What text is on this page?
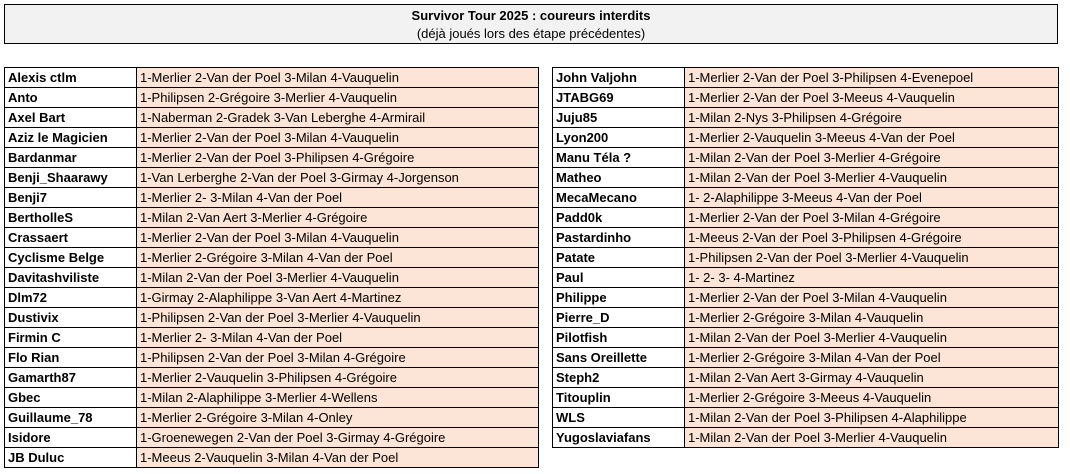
Survivor Tour 2025 : coureurs interdits
(déjà joués lors des étape précédentes)
Alexis ctlm	1-Merlier 2-Van der Poel 3-Milan 4-Vauquelin
Anto	1-Philipsen 2-Grégoire 3-Merlier 4-Vauquelin
Axel Bart	1-Naberman 2-Gradek 3-Van Leberghe 4-Armirail
Aziz le Magicien	1-Merlier 2-Van der Poel 3-Milan 4-Vauquelin
Bardanmar	1-Merlier 2-Van der Poel 3-Philipsen 4-Grégoire
Benji_Shaarawy	1-Van Lerberghe 2-Van der Poel 3-Girmay 4-Jorgenson
Benji7	1-Merlier 2- 3-Milan 4-Van der Poel
BertholleS	1-Milan 2-Van Aert 3-Merlier 4-Grégoire
Crassaert	1-Merlier 2-Van der Poel 3-Milan 4-Vauquelin
Cyclisme Belge	1-Merlier 2-Grégoire 3-Milan 4-Van der Poel
Davitashviliste	1-Milan 2-Van der Poel 3-Merlier 4-Vauquelin
Dlm72	1-Girmay 2-Alaphilippe 3-Van Aert 4-Martinez
Dustivix	1-Philipsen 2-Van der Poel 3-Merlier 4-Vauquelin
Firmin C	1-Merlier 2- 3-Milan 4-Van der Poel
Flo Rian	1-Philipsen 2-Van der Poel 3-Milan 4-Grégoire
Gamarth87	1-Merlier 2-Vauquelin 3-Philipsen 4-Grégoire
Gbec	1-Milan 2-Alaphilippe 3-Merlier 4-Wellens
Guillaume_78	1-Merlier 2-Grégoire 3-Milan 4-Onley
Isidore	1-Groenewegen 2-Van der Poel 3-Girmay 4-Grégoire
JB Duluc	1-Meeus 2-Vauquelin 3-Milan 4-Van der Poel
John Valjohn	1-Merlier 2-Van der Poel 3-Philipsen 4-Evenepoel
JTABG69	1-Merlier 2-Van der Poel 3-Meeus 4-Vauquelin
Juju85	1-Milan 2-Nys 3-Philipsen 4-Grégoire
Lyon200	1-Merlier 2-Vauquelin 3-Meeus 4-Van der Poel
Manu Téla ?	1-Milan 2-Van der Poel 3-Merlier 4-Grégoire
Matheo	1-Milan 2-Van der Poel 3-Merlier 4-Vauquelin
MecaMecano	1- 2-Alaphilippe 3-Meeus 4-Van der Poel
Padd0k	1-Merlier 2-Van der Poel 3-Milan 4-Grégoire
Pastardinho	1-Meeus 2-Van der Poel 3-Philipsen 4-Grégoire
Patate	1-Philipsen 2-Van der Poel 3-Merlier 4-Vauquelin
Paul	1- 2- 3- 4-Martinez
Philippe	1-Merlier 2-Van der Poel 3-Milan 4-Vauquelin
Pierre_D	1-Merlier 2-Grégoire 3-Milan 4-Vauquelin
Pilotfish	1-Milan 2-Van der Poel 3-Merlier 4-Vauquelin
Sans Oreillette	1-Merlier 2-Grégoire 3-Milan 4-Van der Poel
Steph2	1-Milan 2-Van Aert 3-Girmay 4-Vauquelin
Titouplin	1-Merlier 2-Grégoire 3-Meeus 4-Vauquelin
WLS	1-Milan 2-Van der Poel 3-Philipsen 4-Alaphilippe
Yugoslaviafans	1-Milan 2-Van der Poel 3-Merlier 4-Vauquelin
